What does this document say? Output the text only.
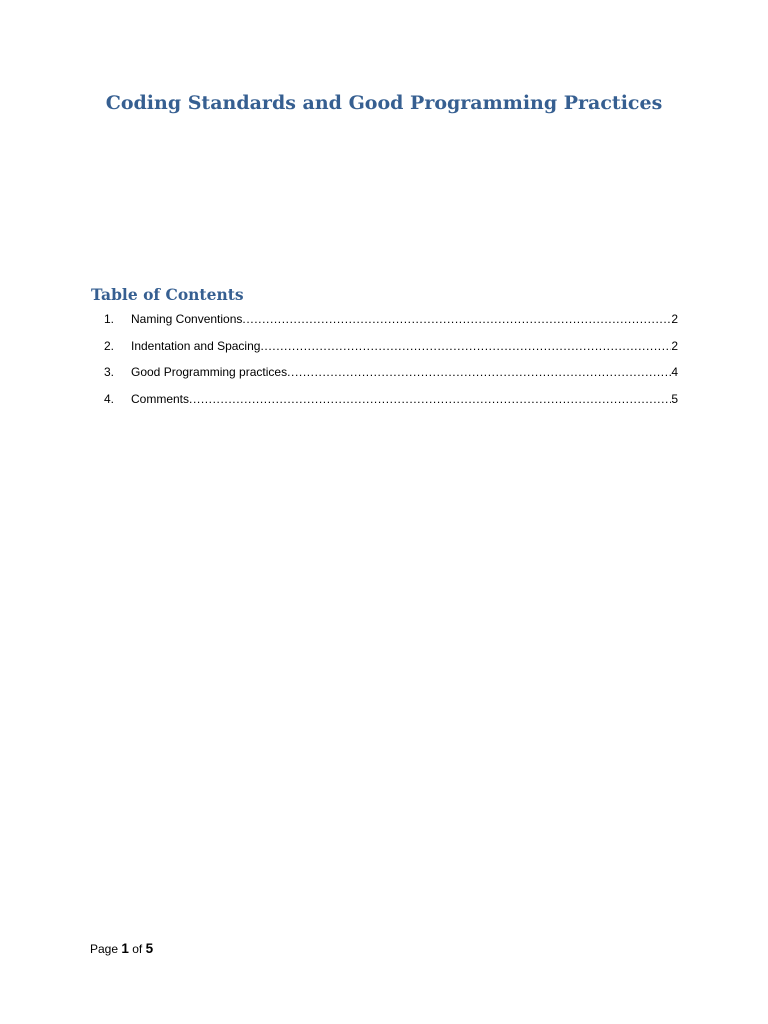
Coding Standards and Good Programming Practices
Table of Contents
1.	Naming Conventions .....	2
2.	Indentation and Spacing .....	2
3.	Good Programming practices .....	4
4.	Comments .....	5

Page 1 of 5
